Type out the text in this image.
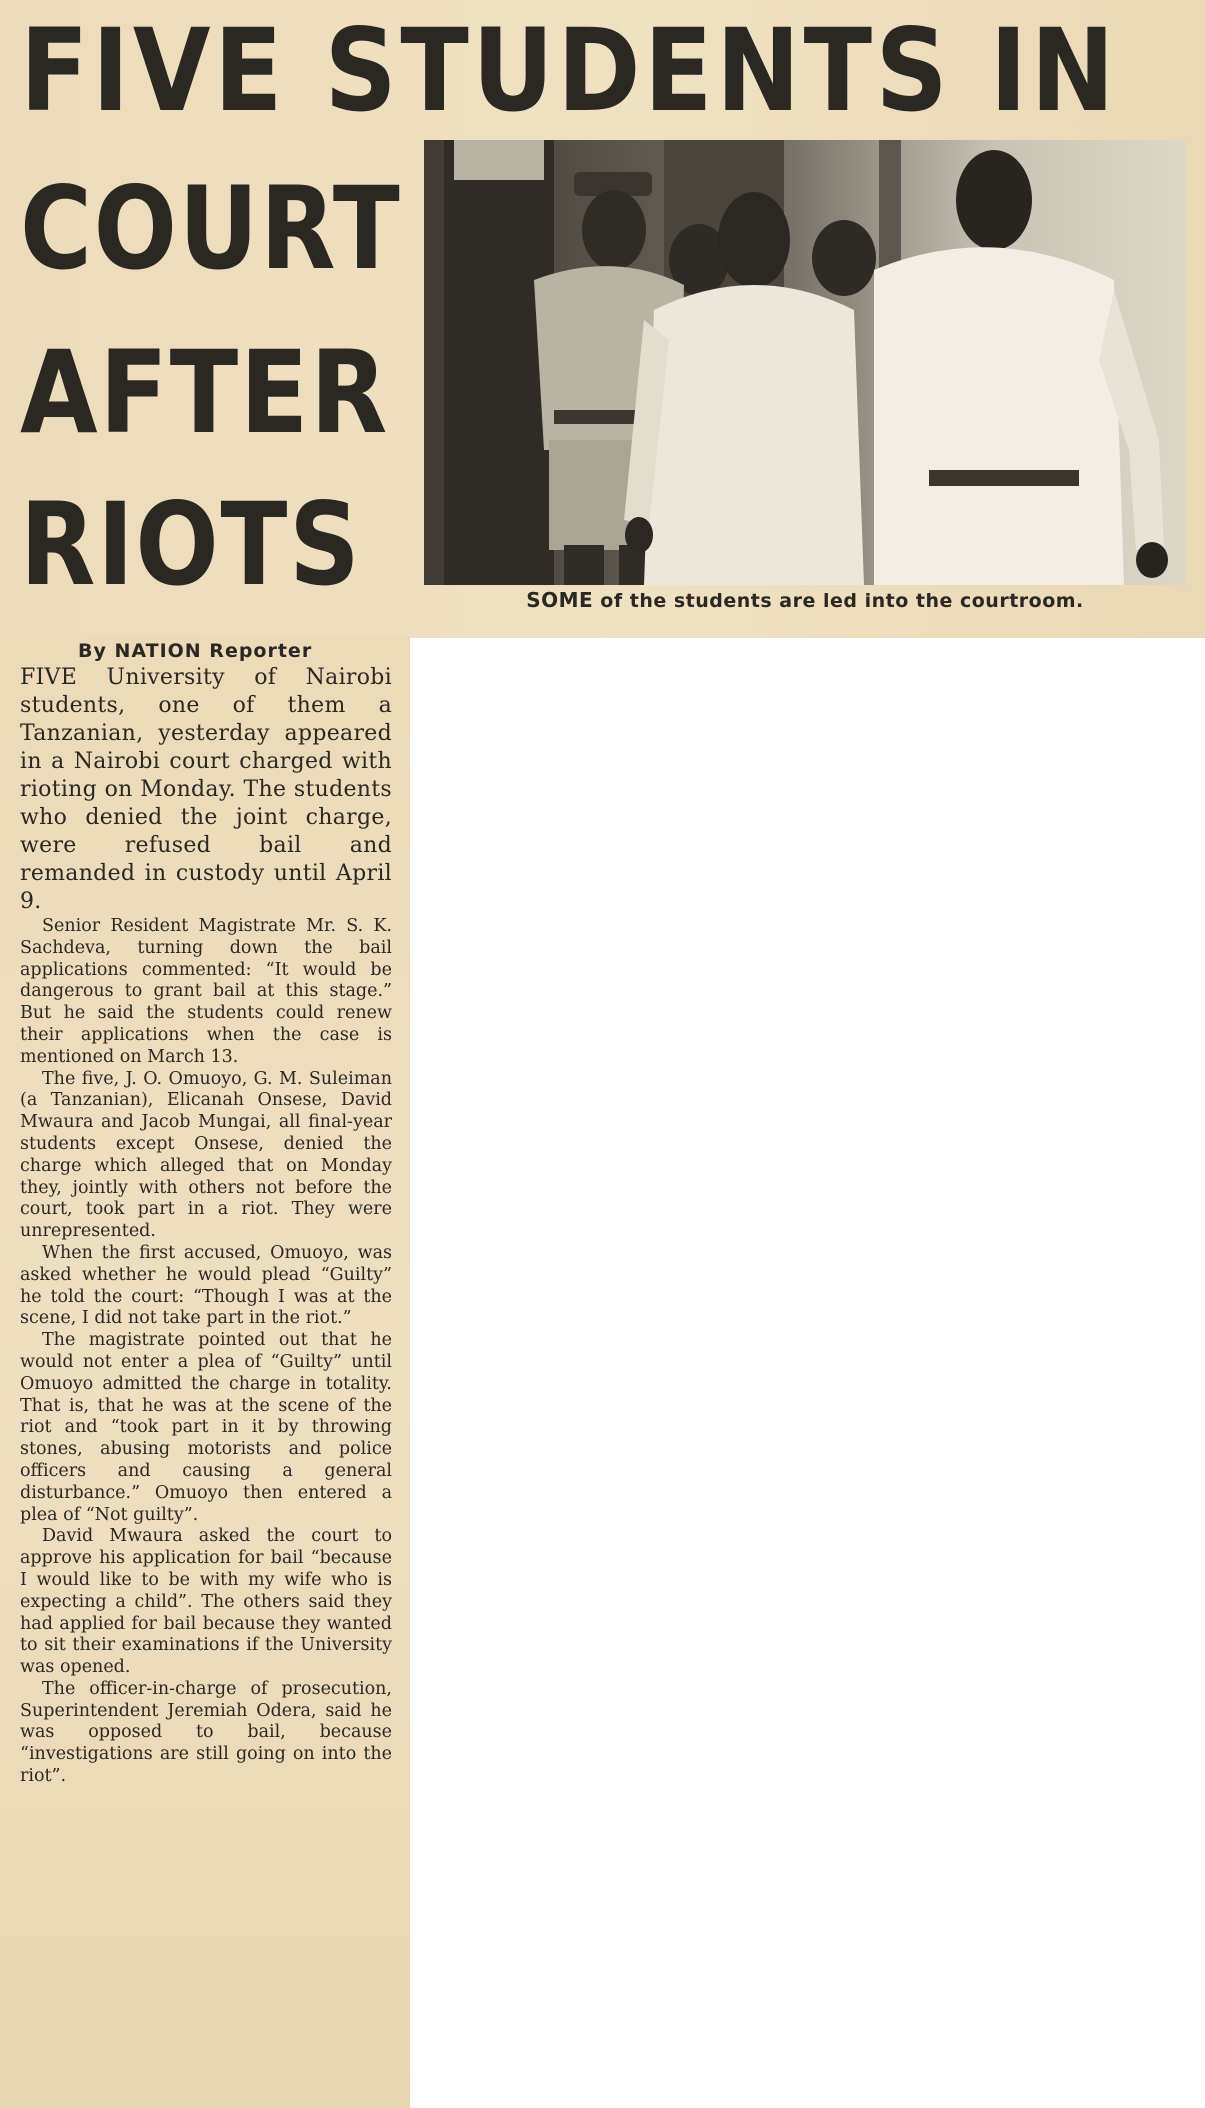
FIVE STUDENTS IN
COURT
AFTER
RIOTS	SOME of the students are led into the courtroom.
By NATION Reporter

FIVE University of Nairobi students, one of them a Tanzanian, yesterday appeared in a Nairobi court charged with rioting on Monday. The students who denied the joint charge, were refused bail and remanded in custody until April 9.

Senior Resident Magistrate Mr. S. K. Sachdeva, turning down the bail applications commented: “It would be dangerous to grant bail at this stage.” But he said the students could renew their applications when the case is mentioned on March 13.

The five, J. O. Omuoyo, G. M. Suleiman (a Tanzanian), Elicanah Onsese, David Mwaura and Jacob Mungai, all final-year students except Onsese, denied the charge which alleged that on Monday they, jointly with others not before the court, took part in a riot. They were unrepresented.

When the first accused, Omuoyo, was asked whether he would plead “Guilty” he told the court: “Though I was at the scene, I did not take part in the riot.”

The magistrate pointed out that he would not enter a plea of “Guilty” until Omuoyo admitted the charge in totality. That is, that he was at the scene of the riot and “took part in it by throwing stones, abusing motorists and police officers and causing a general disturbance.” Omuoyo then entered a plea of “Not guilty”.

David Mwaura asked the court to approve his application for bail “because I would like to be with my wife who is expecting a child”. The others said they had applied for bail because they wanted to sit their examinations if the University was opened.

The officer-in-charge of prosecution, Superintendent Jeremiah Odera, said he was opposed to bail, because “investigations are still going on into the riot”.
